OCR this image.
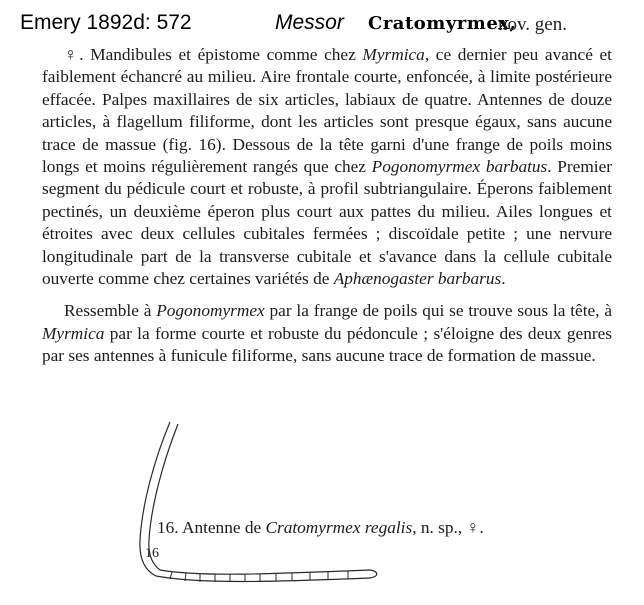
Emery 1892d: 572	Messor Cratomyrmex,
nov. gen.

♀. Mandibules et épistome comme chez Myrmica, ce dernier peu avancé et faiblement échancré au milieu. Aire frontale courte, enfoncée, à limite postérieure effacée. Palpes maxillaires de six articles, labiaux de quatre. Antennes de douze articles, à flagellum filiforme, dont les articles sont presque égaux, sans aucune trace de massue (fig. 16). Dessous de la tête garni d'une frange de poils moins longs et moins régulièrement rangés que chez Pogonomyrmex barbatus. Premier segment du pédicule court et robuste, à profil subtriangulaire. Éperons faiblement pectinés, un deuxième éperon plus court aux pattes du milieu. Ailes longues et étroites avec deux cellules cubitales fermées ; discoïdale petite ; une nervure longitudinale part de la transverse cubitale et s'avance dans la cellule cubitale ouverte comme chez certaines variétés de Aphænogaster barbarus.

Ressemble à Pogonomyrmex par la frange de poils qui se trouve sous la tête, à Myrmica par la forme courte et robuste du pédoncule ; s'éloigne des deux genres par ses antennes à funicule filiforme, sans aucune trace de formation de massue.

16. Antenne de Cratomyrmex regalis, n. sp., ♀.
16
